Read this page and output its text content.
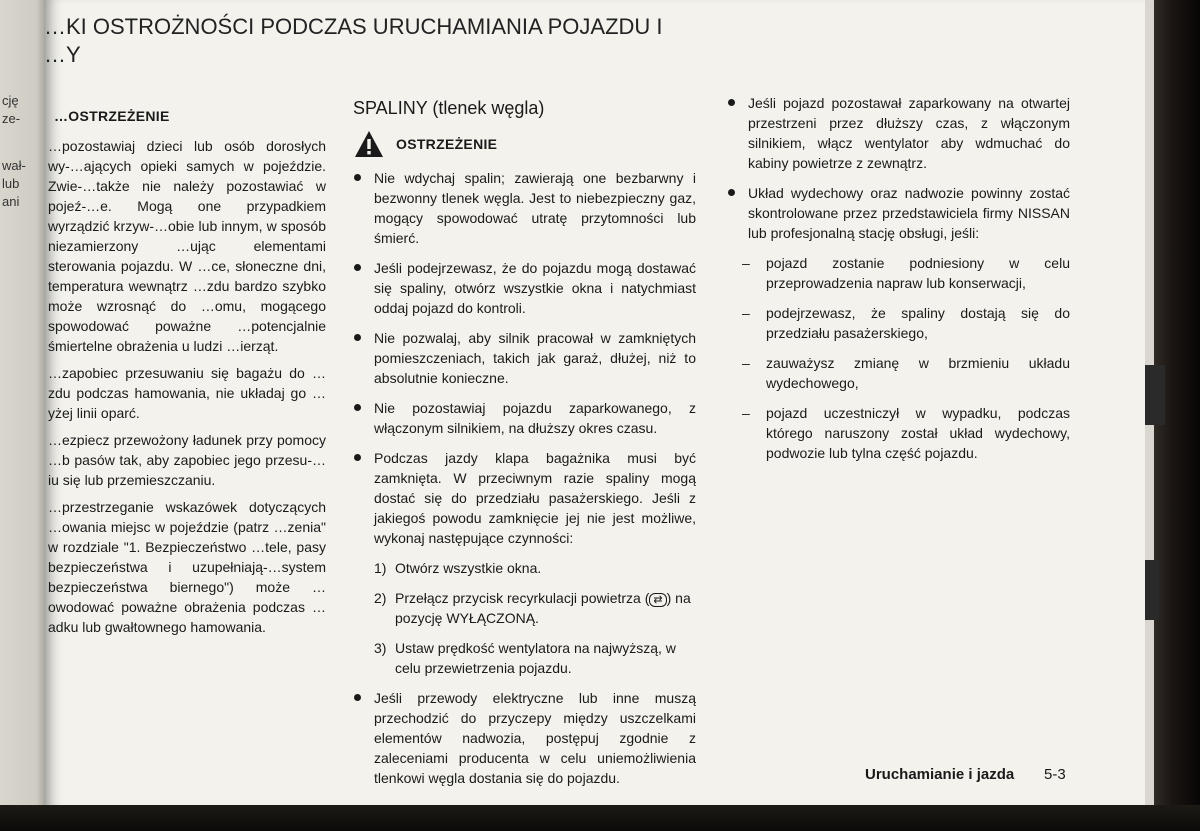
cję
ze-
wał-
lub
ani
…KI OSTROŻNOŚCI PODCZAS URUCHAMIANIA POJAZDU I
…Y
…OSTRZEŻENIE

…pozostawiaj dzieci lub osób dorosłych wy-…ających opieki samych w pojeździe. Zwie-…także nie należy pozostawiać w pojeź-…e. Mogą one przypadkiem wyrządzić krzyw-…obie lub innym, w sposób niezamierzony …ując elementami sterowania pojazdu. W …ce, słoneczne dni, temperatura wewnątrz …zdu bardzo szybko może wzrosnąć do …omu, mogącego spowodować poważne …potencjalnie śmiertelne obrażenia u ludzi …ierząt.

…zapobiec przesuwaniu się bagażu do …zdu podczas hamowania, nie układaj go …yżej linii oparć.

…ezpiecz przewożony ładunek przy pomocy …b pasów tak, aby zapobiec jego przesu-…iu się lub przemieszczaniu.

…przestrzeganie wskazówek dotyczących …owania miejsc w pojeździe (patrz …zenia" w rozdziale "1. Bezpieczeństwo …tele, pasy bezpieczeństwa i uzupełniają-…system bezpieczeństwa biernego") może …owodować poważne obrażenia podczas …adku lub gwałtownego hamowania.

SPALINY (tlenek węgla)
OSTRZEŻENIE
Nie wdychaj spalin; zawierają one bezbarwny i bezwonny tlenek węgla. Jest to niebezpieczny gaz, mogący spowodować utratę przytomności lub śmierć.
Jeśli podejrzewasz, że do pojazdu mogą dostawać się spaliny, otwórz wszystkie okna i natychmiast oddaj pojazd do kontroli.
Nie pozwalaj, aby silnik pracował w zamkniętych pomieszczeniach, takich jak garaż, dłużej, niż to absolutnie konieczne.
Nie pozostawiaj pojazdu zaparkowanego, z włączonym silnikiem, na dłuższy okres czasu.
Podczas jazdy klapa bagażnika musi być zamknięta. W przeciwnym razie spaliny mogą dostać się do przedziału pasażerskiego. Jeśli z jakiegoś powodu zamknięcie jej nie jest możliwe, wykonaj następujące czynności:
1) Otwórz wszystkie okna.
2) Przełącz przycisk recyrkulacji powietrza ( ⇄ ) na pozycję WYŁĄCZONĄ.
3) Ustaw prędkość wentylatora na najwyższą, w celu przewietrzenia pojazdu.
Jeśli przewody elektryczne lub inne muszą przechodzić do przyczepy między uszczelkami elementów nadwozia, postępuj zgodnie z zaleceniami producenta w celu uniemożliwienia tlenkowi węgla dostania się do pojazdu.
Jeśli pojazd pozostawał zaparkowany na otwartej przestrzeni przez dłuższy czas, z włączonym silnikiem, włącz wentylator aby wdmuchać do kabiny powietrze z zewnątrz.
Układ wydechowy oraz nadwozie powinny zostać skontrolowane przez przedstawiciela firmy NISSAN lub profesjonalną stację obsługi, jeśli:
– pojazd zostanie podniesiony w celu przeprowadzenia napraw lub konserwacji,
– podejrzewasz, że spaliny dostają się do przedziału pasażerskiego,
– zauważysz zmianę w brzmieniu układu wydechowego,
– pojazd uczestniczył w wypadku, podczas którego naruszony został układ wydechowy, podwozie lub tylna część pojazdu.
Uruchamianie i jazda 5-3
